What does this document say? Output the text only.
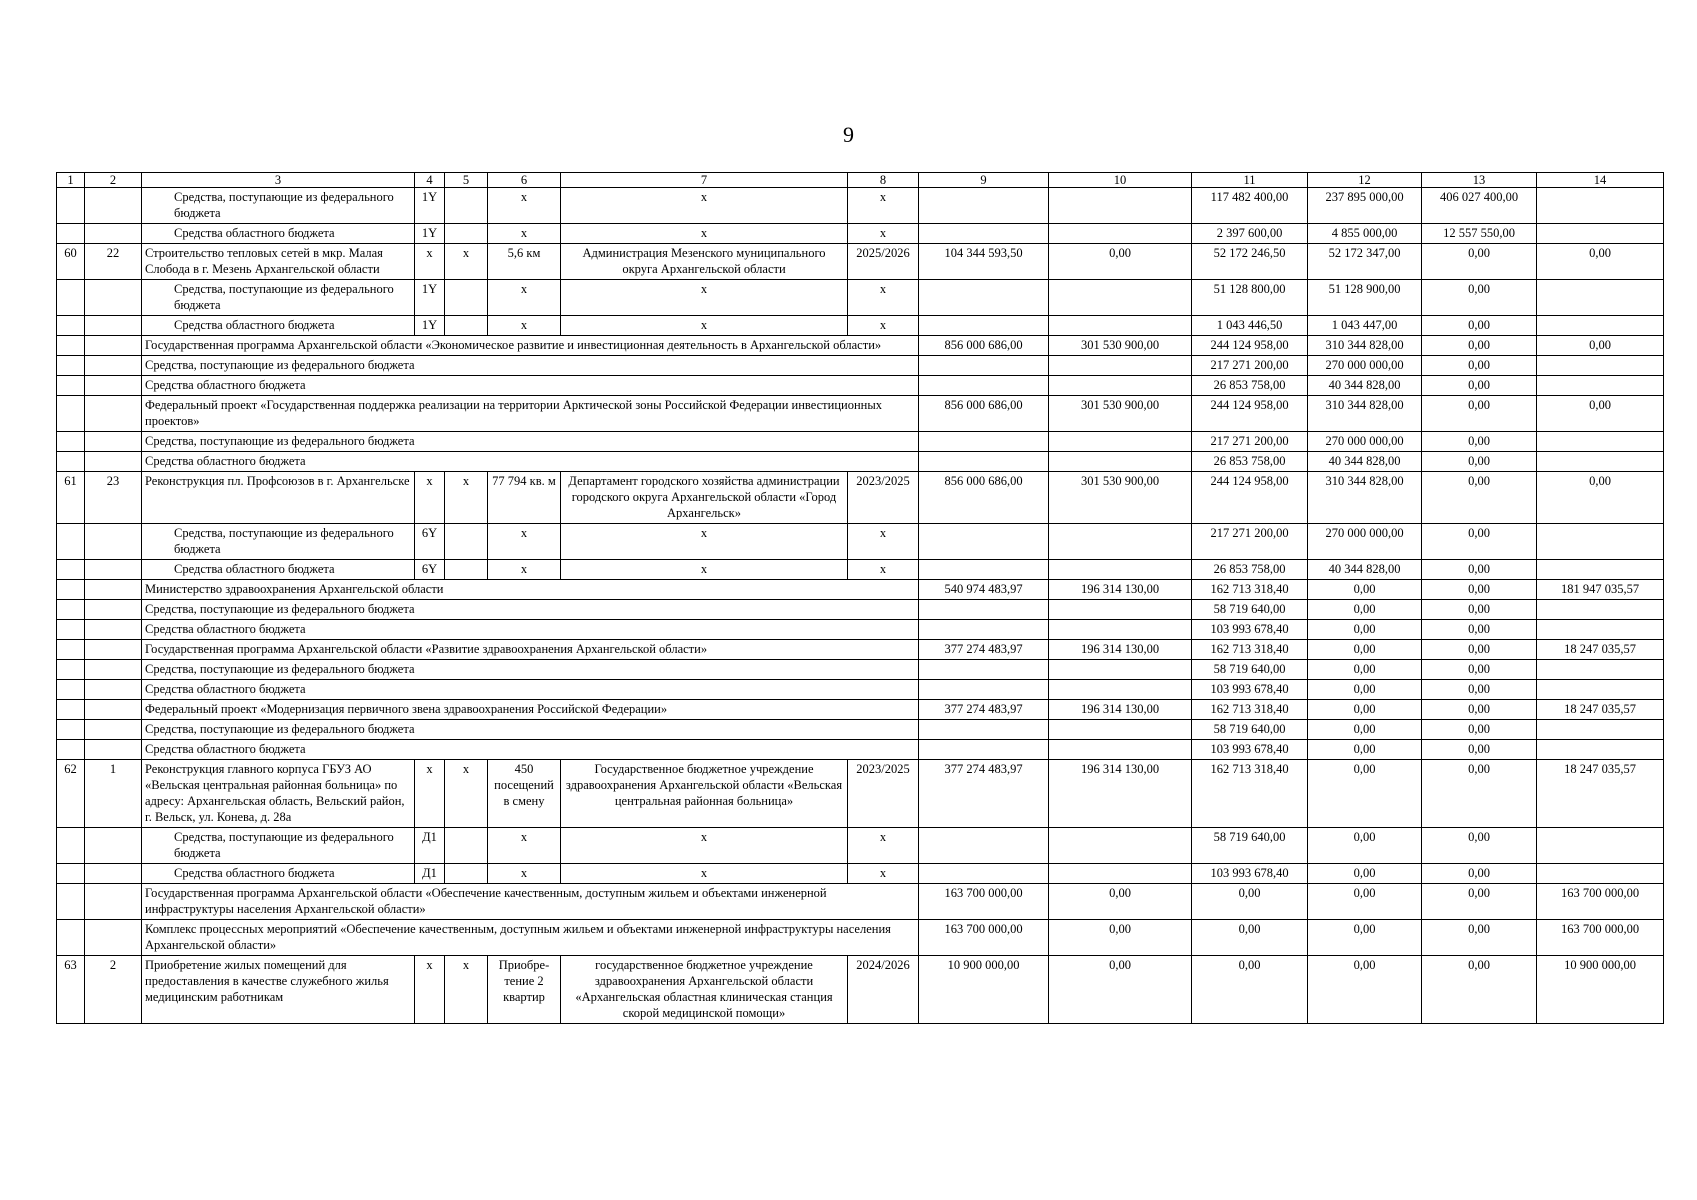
9
1	2	3	4	5	6	7	8	9	10	11	12	13	14
		Средства, поступающие из федерального бюджета	1Y		x	x	x			117 482 400,00	237 895 000,00	406 027 400,00	
		Средства областного бюджета	1Y		x	x	x			2 397 600,00	4 855 000,00	12 557 550,00	
60	22	Строительство тепловых сетей в мкр. Малая Слобода в г. Мезень Архангельской области	x	x	5,6 км	Администрация Мезенского муниципального округа Архангельской области	2025/2026	104 344 593,50	0,00	52 172 246,50	52 172 347,00	0,00	0,00
		Средства, поступающие из федерального бюджета	1Y		x	x	x			51 128 800,00	51 128 900,00	0,00	
		Средства областного бюджета	1Y		x	x	x			1 043 446,50	1 043 447,00	0,00	
		Государственная программа Архангельской области «Экономическое развитие и инвестиционная деятельность в Архангельской области»						856 000 686,00	301 530 900,00	244 124 958,00	310 344 828,00	0,00	0,00
		Средства, поступающие из федерального бюджета								217 271 200,00	270 000 000,00	0,00	
		Средства областного бюджета								26 853 758,00	40 344 828,00	0,00	
		Федеральный проект «Государственная поддержка реализации на территории Арктической зоны Российской Федерации инвестиционных проектов»						856 000 686,00	301 530 900,00	244 124 958,00	310 344 828,00	0,00	0,00
		Средства, поступающие из федерального бюджета								217 271 200,00	270 000 000,00	0,00	
		Средства областного бюджета								26 853 758,00	40 344 828,00	0,00	
61	23	Реконструкция пл. Профсоюзов в г. Архангельске	x	x	77 794 кв. м	Департамент городского хозяйства администрации городского округа Архангельской области «Город Архангельск»	2023/2025	856 000 686,00	301 530 900,00	244 124 958,00	310 344 828,00	0,00	0,00
		Средства, поступающие из федерального бюджета	6Y		x	x	x			217 271 200,00	270 000 000,00	0,00	
		Средства областного бюджета	6Y		x	x	x			26 853 758,00	40 344 828,00	0,00	
		Министерство здравоохранения Архангельской области						540 974 483,97	196 314 130,00	162 713 318,40	0,00	0,00	181 947 035,57
		Средства, поступающие из федерального бюджета								58 719 640,00	0,00	0,00	
		Средства областного бюджета								103 993 678,40	0,00	0,00	
		Государственная программа Архангельской области «Развитие здравоохранения Архангельской области»						377 274 483,97	196 314 130,00	162 713 318,40	0,00	0,00	18 247 035,57
		Средства, поступающие из федерального бюджета								58 719 640,00	0,00	0,00	
		Средства областного бюджета								103 993 678,40	0,00	0,00	
		Федеральный проект «Модернизация первичного звена здравоохранения Российской Федерации»						377 274 483,97	196 314 130,00	162 713 318,40	0,00	0,00	18 247 035,57
		Средства, поступающие из федерального бюджета								58 719 640,00	0,00	0,00	
		Средства областного бюджета								103 993 678,40	0,00	0,00	
62	1	Реконструкция главного корпуса ГБУЗ АО «Вельская центральная районная больница» по адресу: Архангельская область, Вельский район, г. Вельск, ул. Конева, д. 28а	x	x	450 посещений в смену	Государственное бюджетное учреждение здравоохранения Архангельской области «Вельская центральная районная больница»	2023/2025	377 274 483,97	196 314 130,00	162 713 318,40	0,00	0,00	18 247 035,57
		Средства, поступающие из федерального бюджета	Д1		x	x	x			58 719 640,00	0,00	0,00	
		Средства областного бюджета	Д1		x	x	x			103 993 678,40	0,00	0,00	
		Государственная программа Архангельской области «Обеспечение качественным, доступным жильем и объектами инженерной инфраструктуры населения Архангельской области»						163 700 000,00	0,00	0,00	0,00	0,00	163 700 000,00
		Комплекс процессных мероприятий «Обеспечение качественным, доступным жильем и объектами инженерной инфраструктуры населения Архангельской области»						163 700 000,00	0,00	0,00	0,00	0,00	163 700 000,00
63	2	Приобретение жилых помещений для предоставления в качестве служебного жилья медицинским работникам	x	x	Приобре-тение 2 квартир	государственное бюджетное учреждение здравоохранения Архангельской области «Архангельская областная клиническая станция скорой медицинской помощи»	2024/2026	10 900 000,00	0,00	0,00	0,00	0,00	10 900 000,00
